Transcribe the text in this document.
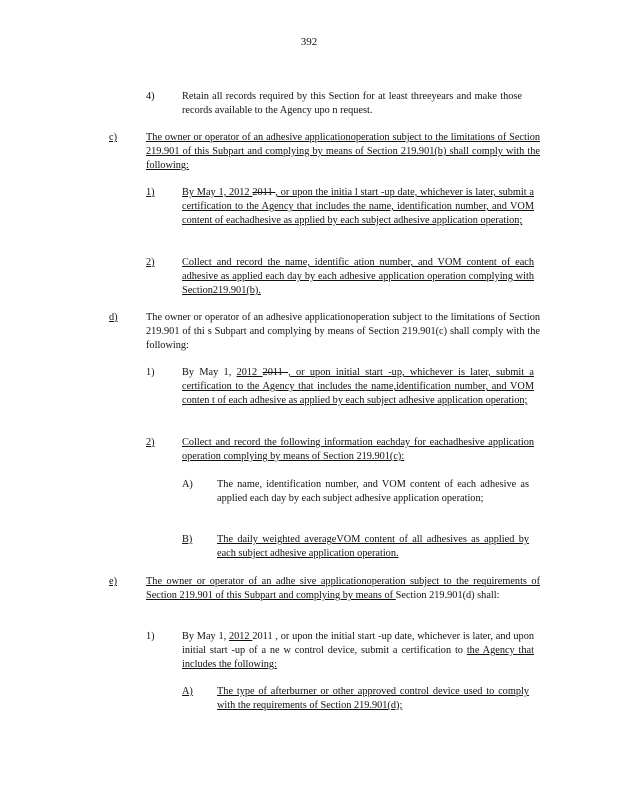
392
4)	Retain all records required by this Section for at least threeyears and make those records available to the Agency upo n request.
c)	The owner or operator of an adhesive applicationoperation subject to the limitations of Section 219.901 of this Subpart and complying by means of Section 219.901(b) shall comply with the following:
1)	By May 1, 2012 2011 , or upon the initia l start -up date, whichever is later, submit a certification to the Agency that includes the name, identification number, and VOM content of eachadhesive as applied by each subject adhesive application operation;
2)	Collect and record the name, identific ation number, and VOM content of each adhesive as applied each day by each adhesive application operation complying with Section219.901(b).
d)	The owner or operator of an adhesive applicationoperation subject to the limitations of Section 219.901 of thi s Subpart and complying by means of Section 219.901(c) shall comply with the following:
1)	By May 1, 2012 2011 , or upon initial start -up, whichever is later, submit a certification to the Agency that includes the name,identification number, and VOM conten t of each adhesive as applied by each subject adhesive application operation;
2)	Collect and record the following information eachday for eachadhesive application operation complying by means of Section 219.901(c):
A) The name, identification number, and VOM content of each adhesive as applied each day by each subject adhesive application operation;
B) The daily weighted averageVOM content of all adhesives as applied by each subject adhesive application operation.
e)	The owner or operator of an adhe sive applicationoperation subject to the requirements of Section 219.901 of this Subpart and complying by means of Section 219.901(d) shall:
1)	By May 1, 2012 2011 , or upon the initial start -up date, whichever is later, and upon initial start -up of a ne w control device, submit a certification to the Agency that includes the following:
A) The type of afterburner or other approved control device used to comply with the requirements of Section 219.901(d);
